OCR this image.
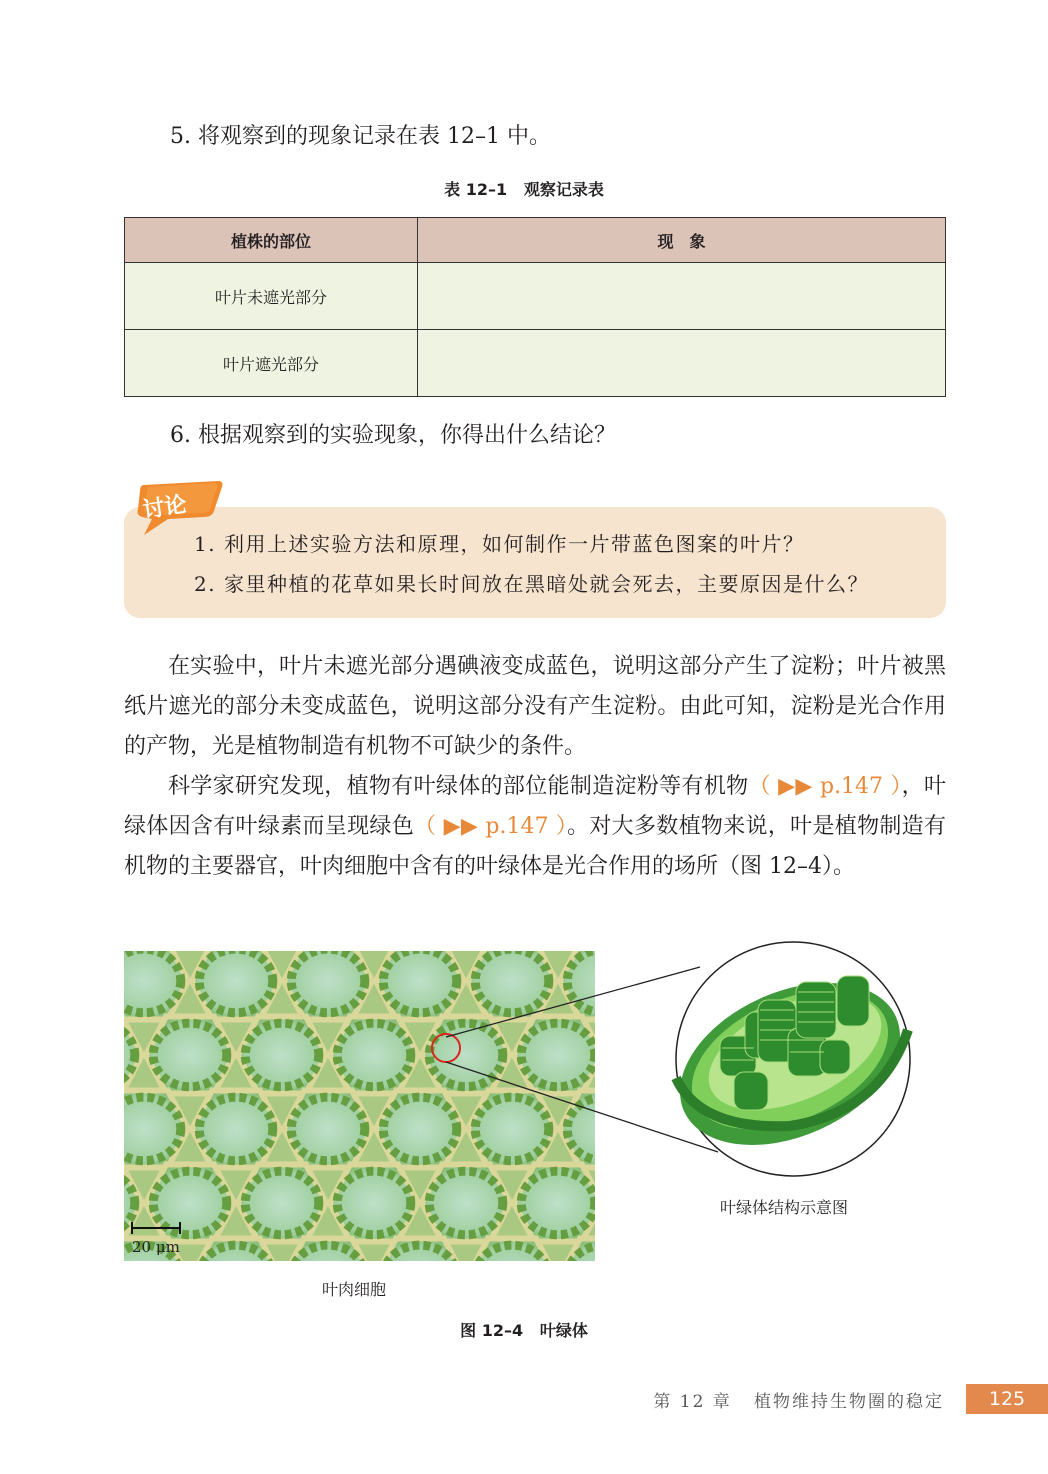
5. 将观察到的现象记录在表 12–1 中。
表 12–1   观察记录表
植株的部位	现　象
叶片未遮光部分	
叶片遮光部分	
6. 根据观察到的实验现象，你得出什么结论？
讨论
1. 利用上述实验方法和原理，如何制作一片带蓝色图案的叶片？
2. 家里种植的花草如果长时间放在黑暗处就会死去，主要原因是什么？
在实验中，叶片未遮光部分遇碘液变成蓝色，说明这部分产生了淀粉；叶片被黑纸片遮光的部分未变成蓝色，说明这部分没有产生淀粉。由此可知，淀粉是光合作用的产物，光是植物制造有机物不可缺少的条件。
科学家研究发现，植物有叶绿体的部位能制造淀粉等有机物（ ▶▶ p.147 ），叶绿体因含有叶绿素而呈现绿色（ ▶▶ p.147 ）。对大多数植物来说，叶是植物制造有机物的主要器官，叶肉细胞中含有的叶绿体是光合作用的场所（图 12–4）。
20 μm
叶绿体结构示意图
叶肉细胞
图 12–4   叶绿体
第 12 章   植物维持生物圈的稳定	125
